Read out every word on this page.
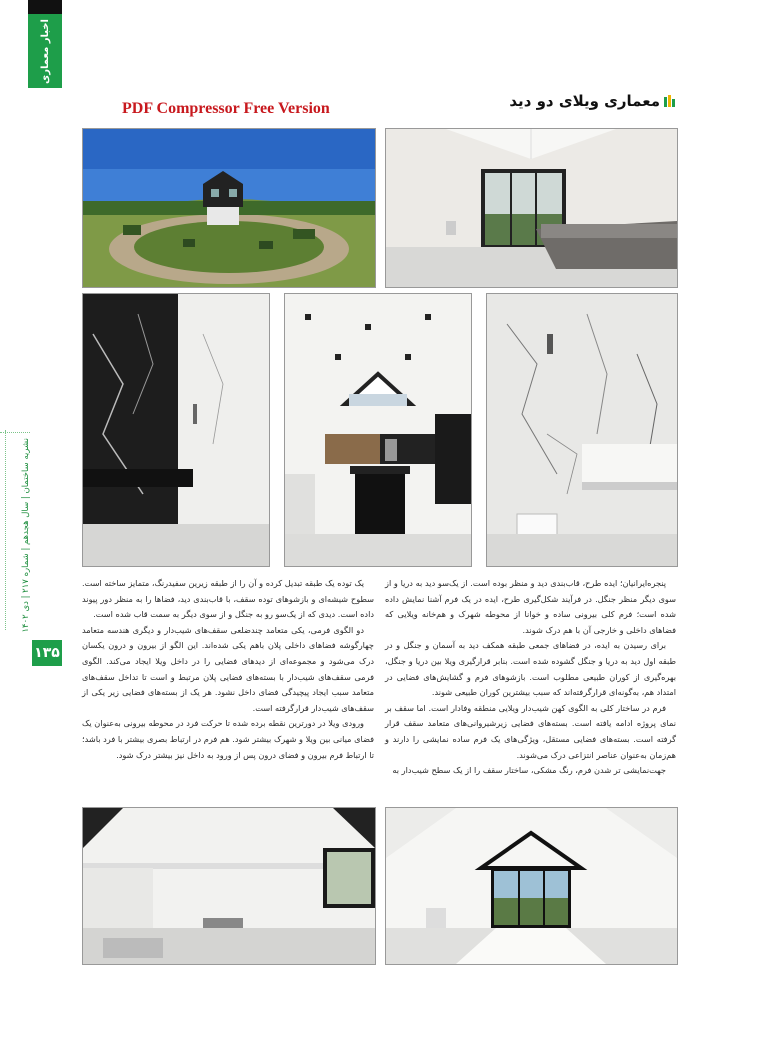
اخبار معماری
نشریه ساختمان | سال هجدهم | شماره ۲۱۷ | دی ۱۴۰۲
۱۳۵
معماری ویلای دو دید
PDF Compressor Free Version

پنجره‌ایرانیان؛ ایده طرح، قاب‌بندی دید و منظر بوده است. از یک‌سو دید به دریا و از سوی دیگر منظر جنگل. در فرآیند شکل‌گیری طرح، ایده در یک فرم آشنا نمایش داده شده است؛ فرم کلی بیرونی ساده و خوانا از محوطه شهرک و هم‌خانه ویلایی که فضاهای داخلی و خارجی آن با هم درک شوند.

برای رسیدن به ایده، در فضاهای جمعی طبقه همکف دید به آسمان و جنگل و در طبقه اول دید به دریا و جنگل گشوده شده است. بنابر قرارگیری ویلا بین دریا و جنگل، بهره‌گیری از کوران طبیعی مطلوب است. بازشوهای فرم و گشایش‌های فضایی در امتداد هم، به‌گونه‌ای قرارگرفته‌اند که سبب بیشترین کوران طبیعی شوند.

فرم در ساختار کلی به الگوی کهن شیب‌دار ویلایی منطقه وفادار است. اما سقف بر نمای پروژه ادامه یافته است. بسته‌های فضایی زیرشیروانی‌های متعامد سقف قرار گرفته است. بسته‌های فضایی مستقل، ویژگی‌های یک فرم ساده نمایشی را دارند و هم‌زمان به‌عنوان عناصر انتزاعی درک می‌شوند.

جهت‌نمایشی تر شدن فرم، رنگ مشکی، ساختار سقف را از یک سطح شیب‌دار به

یک توده یک طبقه تبدیل کرده و آن را از طبقه زیرین سفیدرنگ، متمایز ساخته است. سطوح شیشه‌ای و بازشوهای توده سقف، با قاب‌بندی دید، فضاها را به منظر دور پیوند داده است. دیدی که از یک‌سو رو به جنگل و از سوی دیگر به سمت قاب شده است.

دو الگوی فرمی، یکی متعامد چندضلعی سقف‌های شیب‌دار و دیگری هندسه متعامد چهارگوشه فضاهای داخلی پلان باهم یکی شده‌اند. این الگو از بیرون و درون یکسان درک می‌شود و مجموعه‌ای از دیدهای فضایی را در داخل ویلا ایجاد می‌کند. الگوی فرمی سقف‌های شیب‌دار با بسته‌های فضایی پلان مرتبط و است تا تداخل سقف‌های متعامد سبب ایجاد پیچیدگی فضای داخل نشود. هر یک از بسته‌های فضایی زیر یکی از سقف‌های شیب‌دار قرارگرفته است.

ورودی ویلا در دورترین نقطه برده شده تا حرکت فرد در محوطه بیرونی به‌عنوان یک فضای میانی بین ویلا و شهرک بیشتر شود. هم فرم در ارتباط بصری بیشتر با فرد باشد؛ تا ارتباط فرم بیرون و فضای درون پس از ورود به داخل نیز بیشتر درک شود.
